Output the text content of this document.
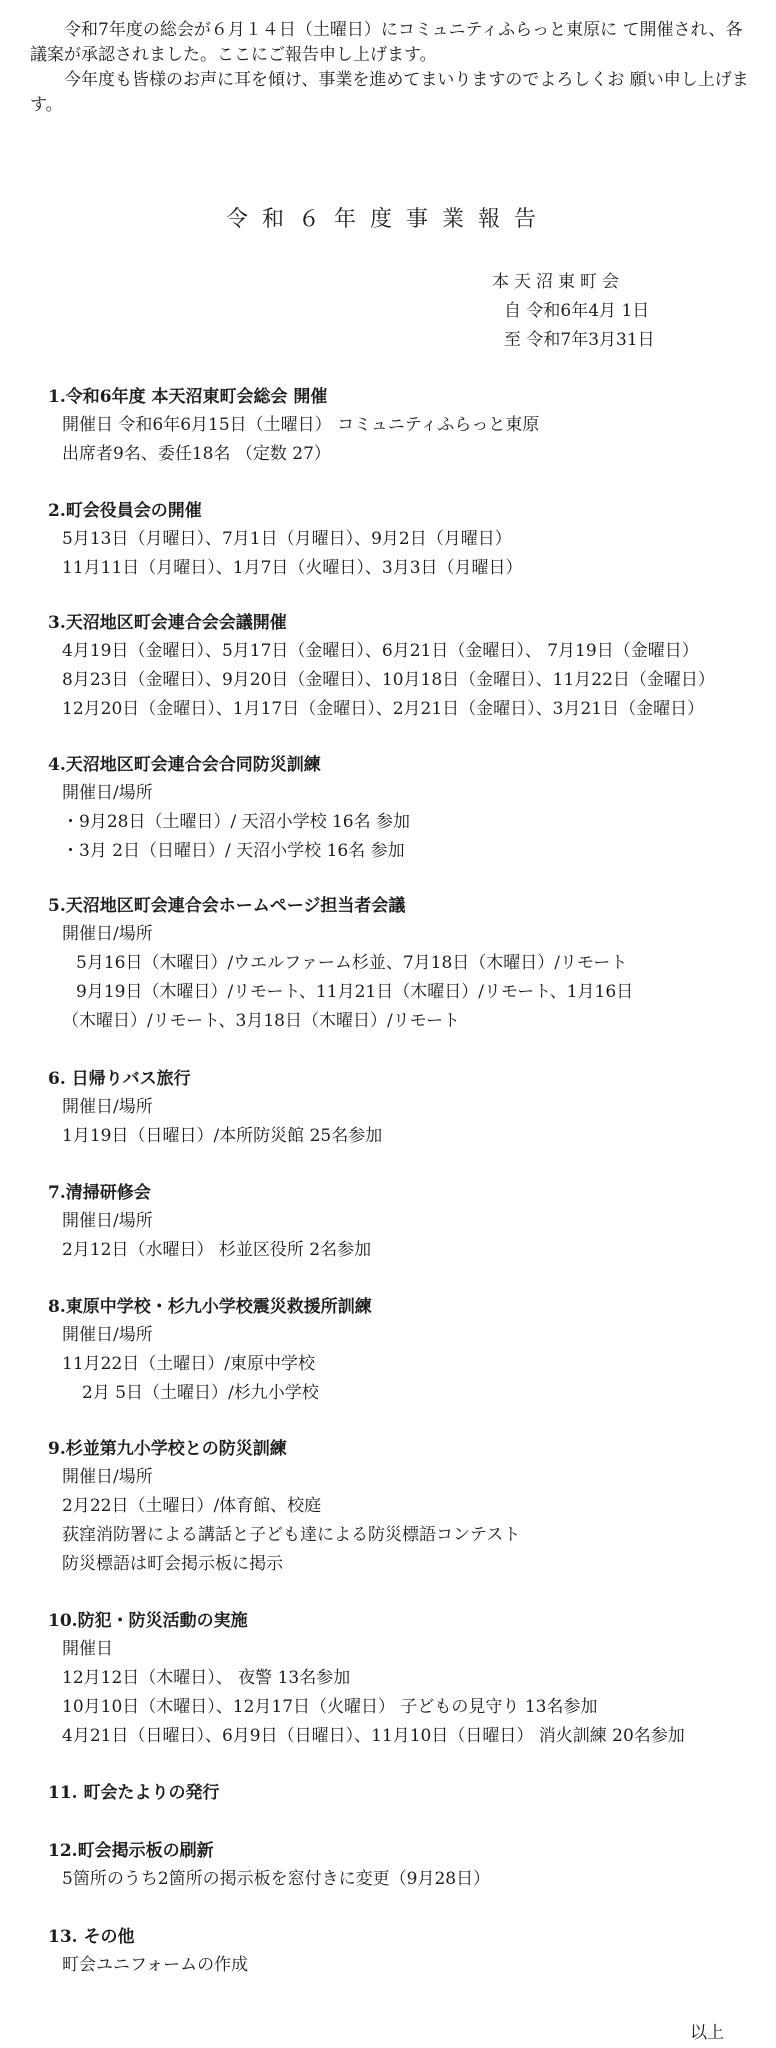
令和7年度の総会が６月１４日（土曜日）にコミュニティふらっと東原に て開催され、各議案が承認されました。ここにご報告申し上げます。

今年度も皆様のお声に耳を傾け、事業を進めてまいりますのでよろしくお 願い申し上げます。

令和６年度事業報告
本天沼東町会
自 令和6年4月 1日
至 令和7年3月31日
1.令和6年度 本天沼東町会総会 開催
開催日 令和6年6月15日（土曜日） コミュニティふらっと東原
出席者9名、委任18名 （定数 27）
2.町会役員会の開催
5月13日（月曜日）、7月1日（月曜日）、9月2日（月曜日）
11月11日（月曜日）、1月7日（火曜日）、3月3日（月曜日）
3.天沼地区町会連合会会議開催
4月19日（金曜日）、5月17日（金曜日）、6月21日（金曜日）、 7月19日（金曜日）
8月23日（金曜日）、9月20日（金曜日）、10月18日（金曜日）、11月22日（金曜日）
12月20日（金曜日）、1月17日（金曜日）、2月21日（金曜日）、3月21日（金曜日）
4.天沼地区町会連合会合同防災訓練
開催日/場所
・9月28日（土曜日）/ 天沼小学校 16名 参加
・3月 2日（日曜日）/ 天沼小学校 16名 参加
5.天沼地区町会連合会ホームページ担当者会議
開催日/場所
5月16日（木曜日）/ウエルファーム杉並、7月18日（木曜日）/リモート
9月19日（木曜日）/リモート、11月21日（木曜日）/リモート、1月16日
（木曜日）/リモート、3月18日（木曜日）/リモート
6. 日帰りバス旅行
開催日/場所
1月19日（日曜日）/本所防災館 25名参加
7.清掃研修会
開催日/場所
2月12日（水曜日） 杉並区役所 2名参加
8.東原中学校・杉九小学校震災救援所訓練
開催日/場所
11月22日（土曜日）/東原中学校
2月 5日（土曜日）/杉九小学校
9.杉並第九小学校との防災訓練
開催日/場所
2月22日（土曜日）/体育館、校庭
荻窪消防署による講話と子ども達による防災標語コンテスト
防災標語は町会掲示板に掲示
10.防犯・防災活動の実施
開催日
12月12日（木曜日）、 夜警 13名参加
10月10日（木曜日）、12月17日（火曜日） 子どもの見守り 13名参加
4月21日（日曜日）、6月9日（日曜日）、11月10日（日曜日） 消火訓練 20名参加
11. 町会たよりの発行
12.町会掲示板の刷新
5箇所のうち2箇所の掲示板を窓付きに変更（9月28日）
13. その他
町会ユニフォームの作成
以上
